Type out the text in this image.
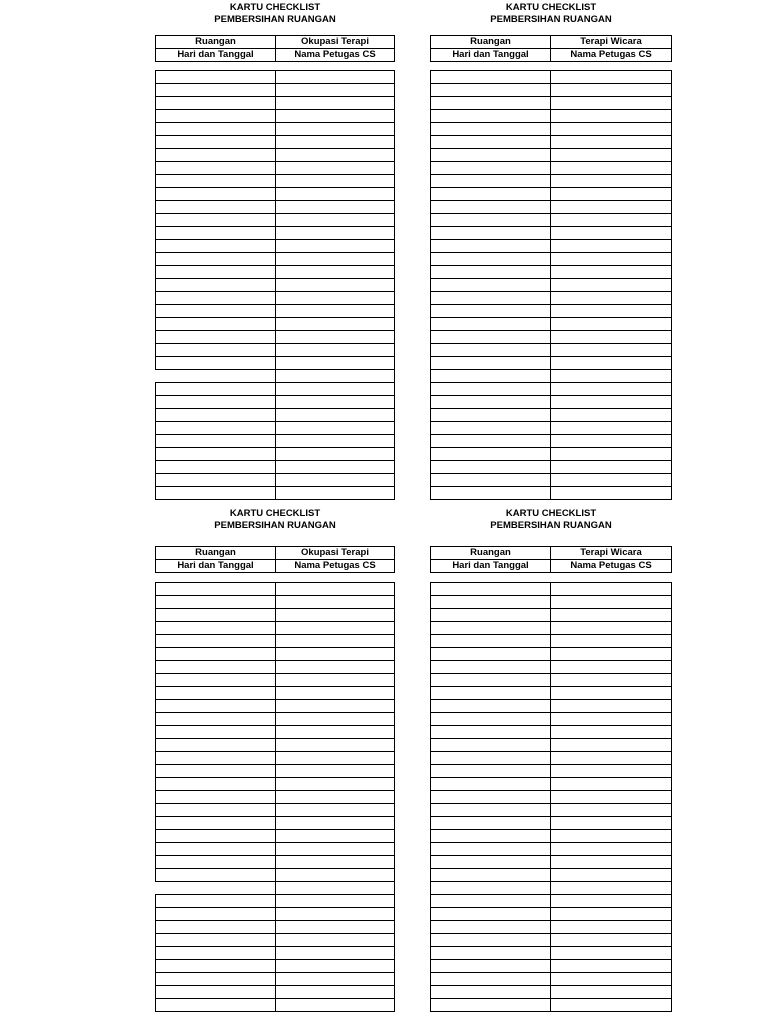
KARTU CHECKLIST

PEMBERSIHAN RUANGAN

Ruangan	Okupasi Terapi
Hari dan Tanggal	Nama Petugas CS

KARTU CHECKLIST

PEMBERSIHAN RUANGAN

Ruangan	Terapi Wicara
Hari dan Tanggal	Nama Petugas CS

KARTU CHECKLIST

PEMBERSIHAN RUANGAN

Ruangan	Okupasi Terapi
Hari dan Tanggal	Nama Petugas CS

KARTU CHECKLIST

PEMBERSIHAN RUANGAN

Ruangan	Terapi Wicara
Hari dan Tanggal	Nama Petugas CS
